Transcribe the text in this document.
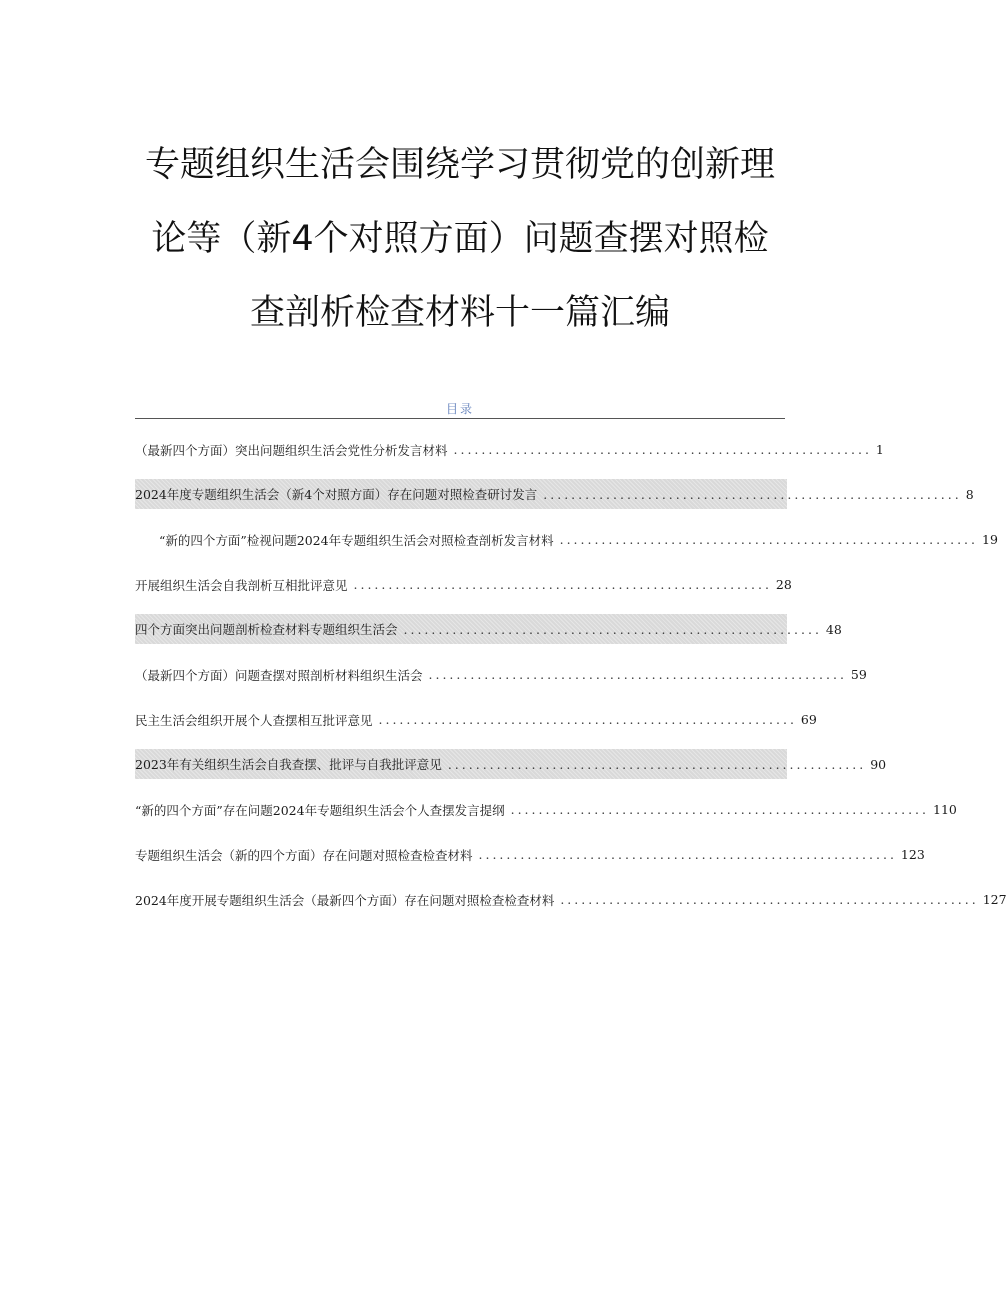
专题组织生活会围绕学习贯彻党的创新理
论等（新4个对照方面）问题查摆对照检
查剖析检查材料十一篇汇编
目录
（最新四个方面）突出问题组织生活会党性分析发言材料 ............................................................ 1
2024年度专题组织生活会（新4个对照方面）存在问题对照检查研讨发言 ............................................................ 8
“新的四个方面”检视问题2024年专题组织生活会对照检查剖析发言材料 ............................................................ 19
开展组织生活会自我剖析互相批评意见 ............................................................ 28
四个方面突出问题剖析检查材料专题组织生活会 ............................................................ 48
（最新四个方面）问题查摆对照剖析材料组织生活会 ............................................................ 59
民主生活会组织开展个人查摆相互批评意见 ............................................................ 69
2023年有关组织生活会自我查摆、批评与自我批评意见 ............................................................ 90
“新的四个方面”存在问题2024年专题组织生活会个人查摆发言提纲 ............................................................ 110
专题组织生活会（新的四个方面）存在问题对照检查检查材料 ............................................................ 123
2024年度开展专题组织生活会（最新四个方面）存在问题对照检查检查材料 ............................................................ 127
